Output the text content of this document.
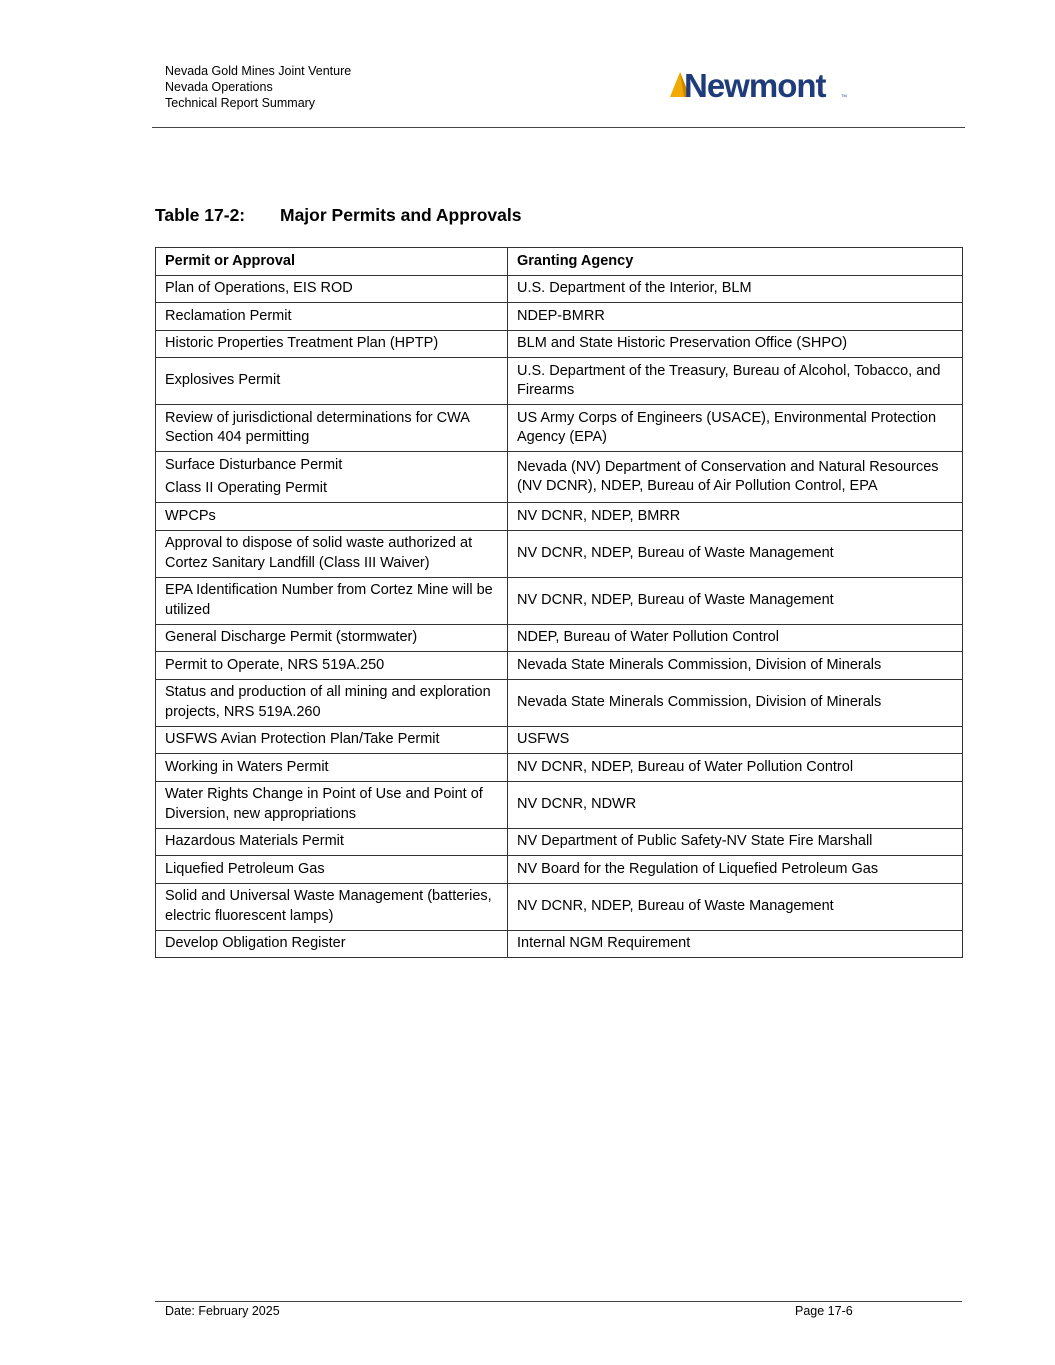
Nevada Gold Mines Joint Venture
Nevada Operations
Technical Report Summary	Newmont	TM
Table 17-2: Major Permits and Approvals
Permit or Approval	Granting Agency

Plan of Operations, EIS ROD	U.S. Department of the Interior, BLM

Reclamation Permit	NDEP-BMRR

Historic Properties Treatment Plan (HPTP)	BLM and State Historic Preservation Office (SHPO)

Explosives Permit	U.S. Department of the Treasury, Bureau of Alcohol, Tobacco, and Firearms

Review of jurisdictional determinations for CWA Section 404 permitting	US Army Corps of Engineers (USACE), Environmental Protection Agency (EPA)

Surface Disturbance Permit
Class II Operating Permit	Nevada (NV) Department of Conservation and Natural Resources (NV DCNR), NDEP, Bureau of Air Pollution Control, EPA

WPCPs	NV DCNR, NDEP, BMRR

Approval to dispose of solid waste authorized at Cortez Sanitary Landfill (Class III Waiver)	NV DCNR, NDEP, Bureau of Waste Management

EPA Identification Number from Cortez Mine will be utilized	NV DCNR, NDEP, Bureau of Waste Management

General Discharge Permit (stormwater)	NDEP, Bureau of Water Pollution Control

Permit to Operate, NRS 519A.250	Nevada State Minerals Commission, Division of Minerals

Status and production of all mining and exploration projects, NRS 519A.260	Nevada State Minerals Commission, Division of Minerals

USFWS Avian Protection Plan/Take Permit	USFWS

Working in Waters Permit	NV DCNR, NDEP, Bureau of Water Pollution Control

Water Rights Change in Point of Use and Point of Diversion, new appropriations	NV DCNR, NDWR

Hazardous Materials Permit	NV Department of Public Safety-NV State Fire Marshall

Liquefied Petroleum Gas	NV Board for the Regulation of Liquefied Petroleum Gas

Solid and Universal Waste Management (batteries, electric fluorescent lamps)	NV DCNR, NDEP, Bureau of Waste Management

Develop Obligation Register	Internal NGM Requirement
Date: February 2025	Page 17-6
